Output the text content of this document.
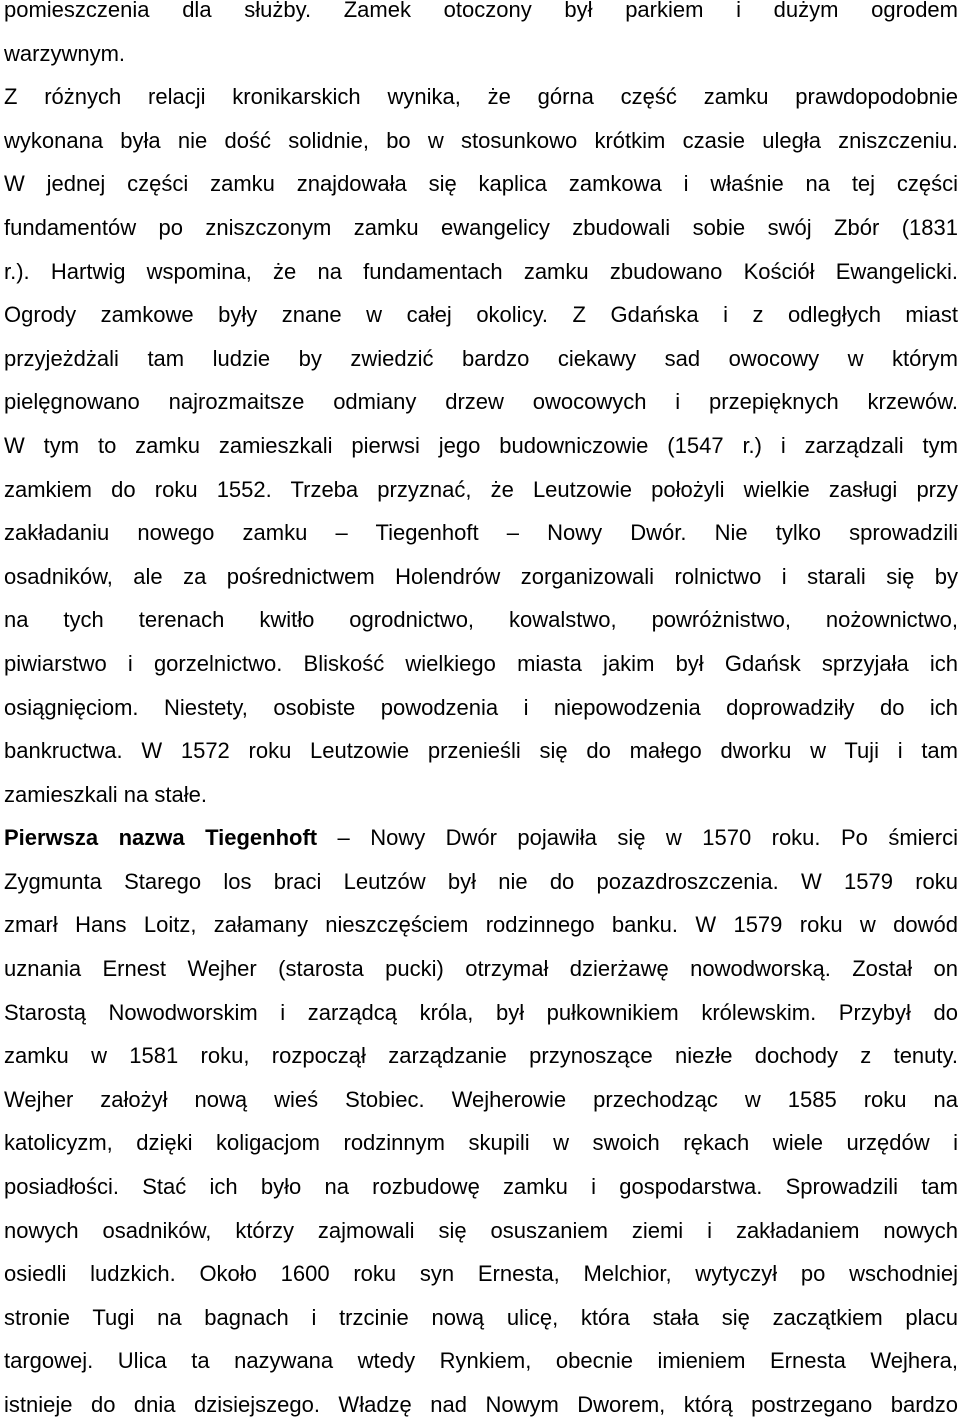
pomieszczenia dla służby. Zamek otoczony był parkiem i dużym ogrodem
warzywnym.

Z różnych relacji kronikarskich wynika, że górna część zamku prawdopodobnie
wykonana była nie dość solidnie, bo w stosunkowo krótkim czasie uległa zniszczeniu.
W jednej części zamku znajdowała się kaplica zamkowa i właśnie na tej części
fundamentów po zniszczonym zamku ewangelicy zbudowali sobie swój Zbór (1831
r.). Hartwig wspomina, że na fundamentach zamku zbudowano Kościół Ewangelicki.
Ogrody zamkowe były znane w całej okolicy. Z Gdańska i z odległych miast
przyjeżdżali tam ludzie by zwiedzić bardzo ciekawy sad owocowy w którym
pielęgnowano najrozmaitsze odmiany drzew owocowych i przepięknych krzewów.
W tym to zamku zamieszkali pierwsi jego budowniczowie (1547 r.) i zarządzali tym
zamkiem do roku 1552. Trzeba przyznać, że Leutzowie położyli wielkie zasługi przy
zakładaniu nowego zamku – Tiegenhoft – Nowy Dwór. Nie tylko sprowadzili
osadników, ale za pośrednictwem Holendrów zorganizowali rolnictwo i starali się by
na tych terenach kwitło ogrodnictwo, kowalstwo, powróżnistwo, nożownictwo,
piwiarstwo i gorzelnictwo. Bliskość wielkiego miasta jakim był Gdańsk sprzyjała ich
osiągnięciom. Niestety, osobiste powodzenia i niepowodzenia doprowadziły do ich
bankructwa. W 1572 roku Leutzowie przenieśli się do małego dworku w Tuji i tam
zamieszkali na stałe.

Pierwsza nazwa Tiegenhoft – Nowy Dwór pojawiła się w 1570 roku. Po śmierci
Zygmunta Starego los braci Leutzów był nie do pozazdroszczenia. W 1579 roku
zmarł Hans Loitz, załamany nieszczęściem rodzinnego banku. W 1579 roku w dowód
uznania Ernest Wejher (starosta pucki) otrzymał dzierżawę nowodworską. Został on
Starostą Nowodworskim i zarządcą króla, był pułkownikiem królewskim. Przybył do
zamku w 1581 roku, rozpoczął zarządzanie przynoszące niezłe dochody z tenuty.
Wejher założył nową wieś Stobiec. Wejherowie przechodząc w 1585 roku na
katolicyzm, dzięki koligacjom rodzinnym skupili w swoich rękach wiele urzędów i
posiadłości. Stać ich było na rozbudowę zamku i gospodarstwa. Sprowadzili tam
nowych osadników, którzy zajmowali się osuszaniem ziemi i zakładaniem nowych
osiedli ludzkich. Około 1600 roku syn Ernesta, Melchior, wytyczył po wschodniej
stronie Tugi na bagnach i trzcinie nową ulicę, która stała się zaczątkiem placu
targowej. Ulica ta nazywana wtedy Rynkiem, obecnie imieniem Ernesta Wejhera,
istnieje do dnia dzisiejszego. Władzę nad Nowym Dworem, którą postrzegano bardzo
